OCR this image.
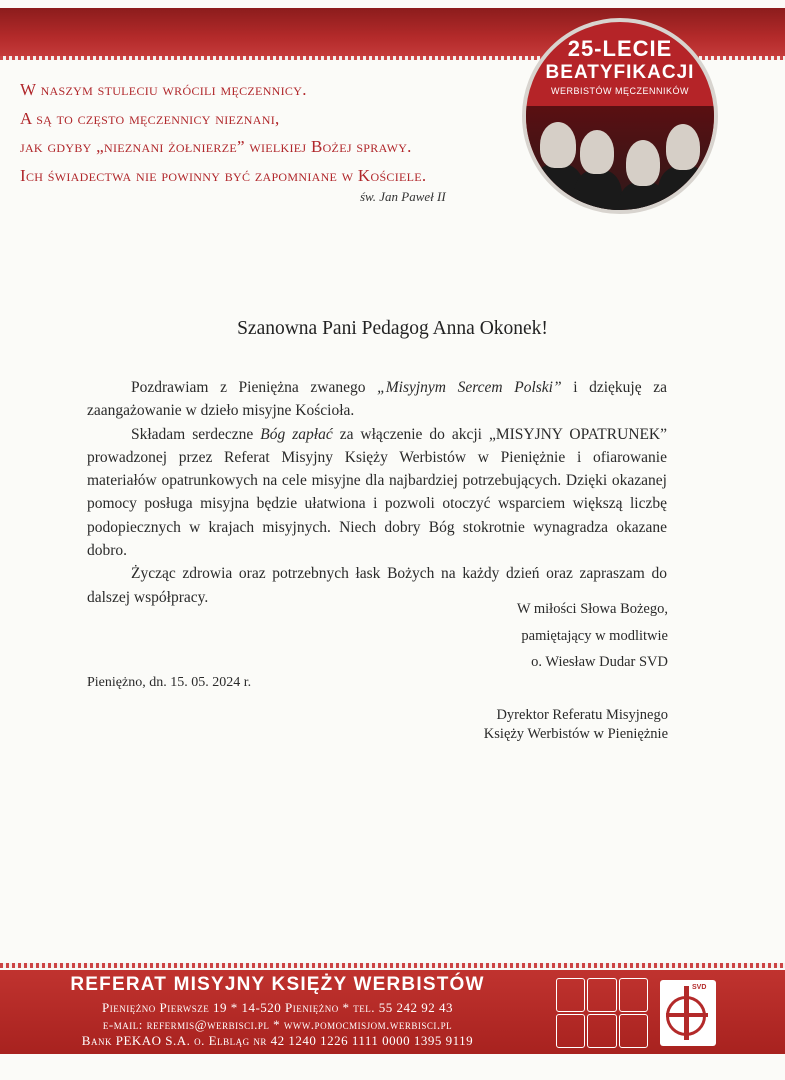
W naszym stuleciu wrócili męczennicy.
A są to często męczennicy nieznani,
jak gdyby „nieznani żołnierze” wielkiej Bożej sprawy.
Ich świadectwa nie powinny być zapomniane w Kościele.
św. Jan Paweł II
25-LECIE
BEATYFIKACJI
WERBISTÓW MĘCZENNIKÓW
Szanowna Pani Pedagog Anna Okonek!

Pozdrawiam z Pieniężna zwanego „Misyjnym Sercem Polski” i dziękuję za zaangażowanie w dzieło misyjne Kościoła.

Składam serdeczne Bóg zapłać za włączenie do akcji „MISYJNY OPATRUNEK” prowadzonej przez Referat Misyjny Księży Werbistów w Pieniężnie i ofiarowanie materiałów opatrunkowych na cele misyjne dla najbardziej potrzebujących. Dzięki okazanej pomocy posługa misyjna będzie ułatwiona i pozwoli otoczyć wsparciem większą liczbę podopiecznych w krajach misyjnych. Niech dobry Bóg stokrotnie wynagradza okazane dobro.

Życząc zdrowia oraz potrzebnych łask Bożych na każdy dzień oraz zapraszam do dalszej współpracy.

W miłości Słowa Bożego,
pamiętający w modlitwie
o. Wiesław Dudar SVD
Pieniężno, dn. 15. 05. 2024 r.
Dyrektor Referatu Misyjnego
Księży Werbistów w Pieniężnie
REFERAT MISYJNY KSIĘŻY WERBISTÓW
Pieniężno Pierwsze 19 * 14-520 Pieniężno * tel. 55 242 92 43
e-mail: refermis@werbisci.pl * www.pomocmisjom.werbisci.pl
Bank PEKAO S.A. o. Elbląg nr 42 1240 1226 1111 0000 1395 9119
SVD
